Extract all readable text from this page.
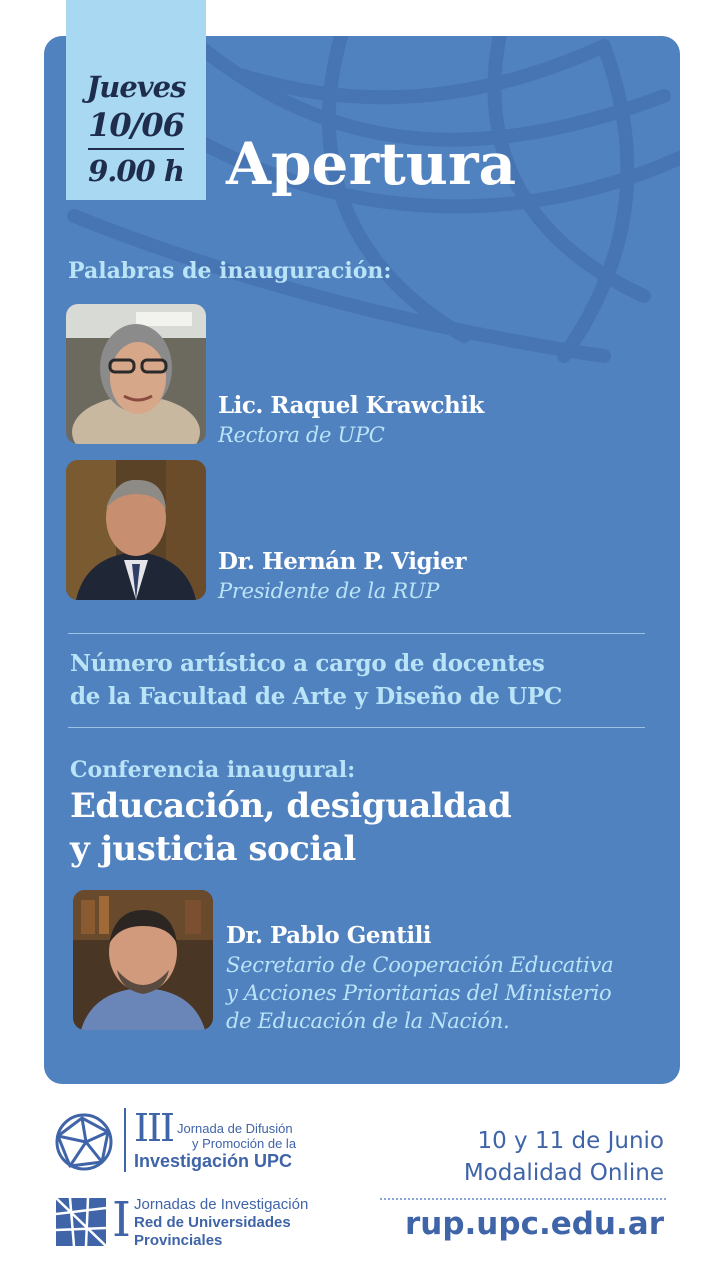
Jueves
10/06
9.00 h Apertura
Palabras de inauguración:
Lic. Raquel Krawchik
Rectora de UPC
Dr. Hernán P. Vigier
Presidente de la RUP
Número artístico a cargo de docentes
de la Facultad de Arte y Diseño de UPC
Conferencia inaugural:
Educación, desigualdad
y justicia social
Dr. Pablo Gentili
Secretario de Cooperación Educativa
y Acciones Prioritarias del Ministerio
de Educación de la Nación.
III Jornada de Difusión
y Promoción de la
Investigación UPC
I Jornadas de Investigación
Red de Universidades
Provinciales
10 y 11 de Junio
Modalidad Online
rup.upc.edu.ar
